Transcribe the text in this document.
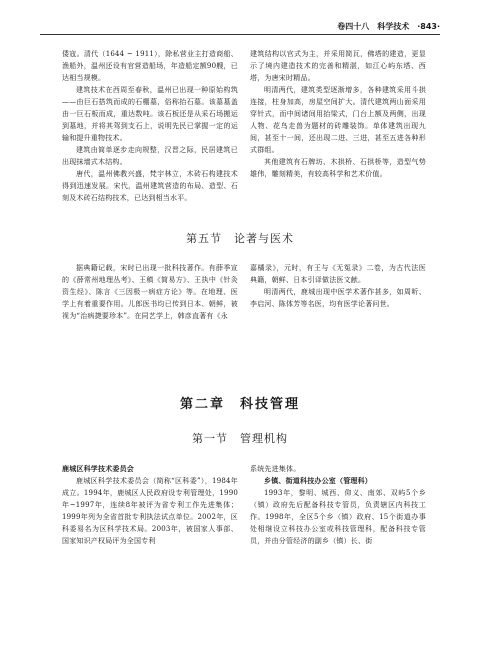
卷四十八　科学技术　·843·

倭寇。清代（1644 ~ 1911），除私营业主打造商船、渔船外，温州还设有官营造船场，年造船定额90艘，已达相当规模。

建筑技术在西周至春秋，温州已出现一种原始构筑——由巨石搭筑而成的石棚墓，俗称抬石墓。该墓墓盖由一巨石板而成，重达数吨。该石板还是从采石场搬运到墓地，并将其驾到支石上，说明先民已掌握一定的运输和提升重物技术。

建筑由简单逐步走向规整，汉晋之际，民居建筑已出现抹墙式木结构。

唐代，温州佛教兴盛，梵宇林立，木砖石构建技术得到迅速发展。宋代，温州建筑营造的布局、造型、石刻及木砖石结构技术，已达到相当水平。

建筑结构以官式为主，并采用简瓦，佛塔的建造，更显示了境内建造技术的完善和精湛，如江心屿东塔、西塔，为唐宋时精品。

明清两代，建筑类型逐渐增多，各种建筑采用斗拱连接，柱身加高，房屋空间扩大。清代建筑两山面采用穿针式，而中间诸间用抬梁式，门台上额及两侧，出现人物、花鸟走兽为题材的砖雕装饰。单体建筑出现九间，甚至十一间，还出现二进、三进，甚至五进各种形式群组。

其他建筑有石牌坊、木拱桥、石拱桥等，造型气势雄伟，雕刻精美，有较高科学和艺术价值。

第五节　论著与医术

据典籍记载，宋时已出现一批科技著作。有薛季宣的《薛常州地理丛考》、王稹《简易方》、王执中《针灸资生经》、陈言《三因极一病症方论》等。在地理、医学上有着重要作用。儿郎医书均已传到日本、朝鲜，被视为“治病捷要珍本”。在同艺学上，韩彦直著有《永

嘉橘录》，元时，有王与《无冤录》二卷，为古代法医典籍，朝鲜、日本引译做法医文献。

明清两代，鹿城出现中医学术著作甚多，如周昕、李启河、陈体芳等名医，均有医学论著问世。

第二章　科技管理
第一节　管理机构

鹿城区科学技术委员会

鹿城区科学技术委员会（简称“区科委”），1984年成立。1994年，鹿城区人民政府设专利管理处，1990年~1997年，连续8年被评为省专利工作先进集体；1999年列为全省首批专利执法试点单位。2002年，区科委易名为区科学技术局。2003年，被国家人事部、国家知识产权局评为全国专利

系统先进集体。

乡镇、街道科技办公室（管理科）

1993年，黎明、城西、仰义、南郊、双屿5个乡（镇）政府先后配备科技专管员，负责辖区内科技工作。1998年，全区5个乡（镇）政府、15个街道办事处相继设立科技办公室或科技管理科，配备科技专管员，并由分管经济的副乡（镇）长、街
